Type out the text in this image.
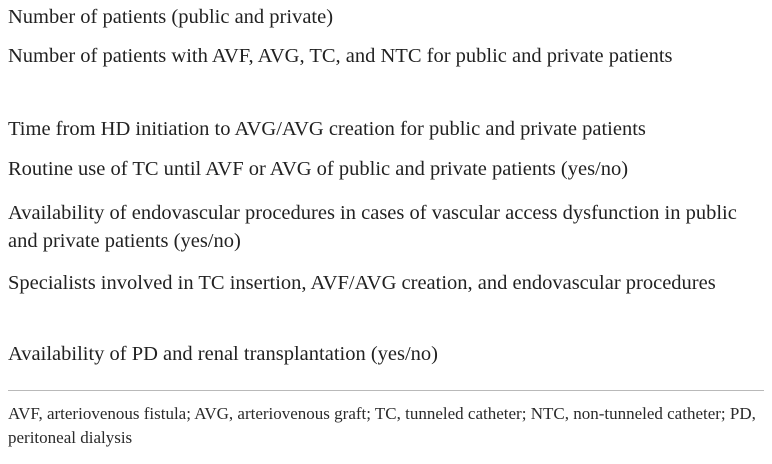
Number of patients (public and private)
Number of patients with AVF, AVG, TC, and NTC for public and private patients
Time from HD initiation to AVG/AVG creation for public and private patients
Routine use of TC until AVF or AVG of public and private patients (yes/no)
Availability of endovascular procedures in cases of vascular access dysfunction in public and private patients (yes/no)
Specialists involved in TC insertion, AVF/AVG creation, and endovascular procedures
Availability of PD and renal transplantation (yes/no)

AVF, arteriovenous fistula; AVG, arteriovenous graft; TC, tunneled catheter; NTC, non-tunneled catheter; PD, peritoneal dialysis
